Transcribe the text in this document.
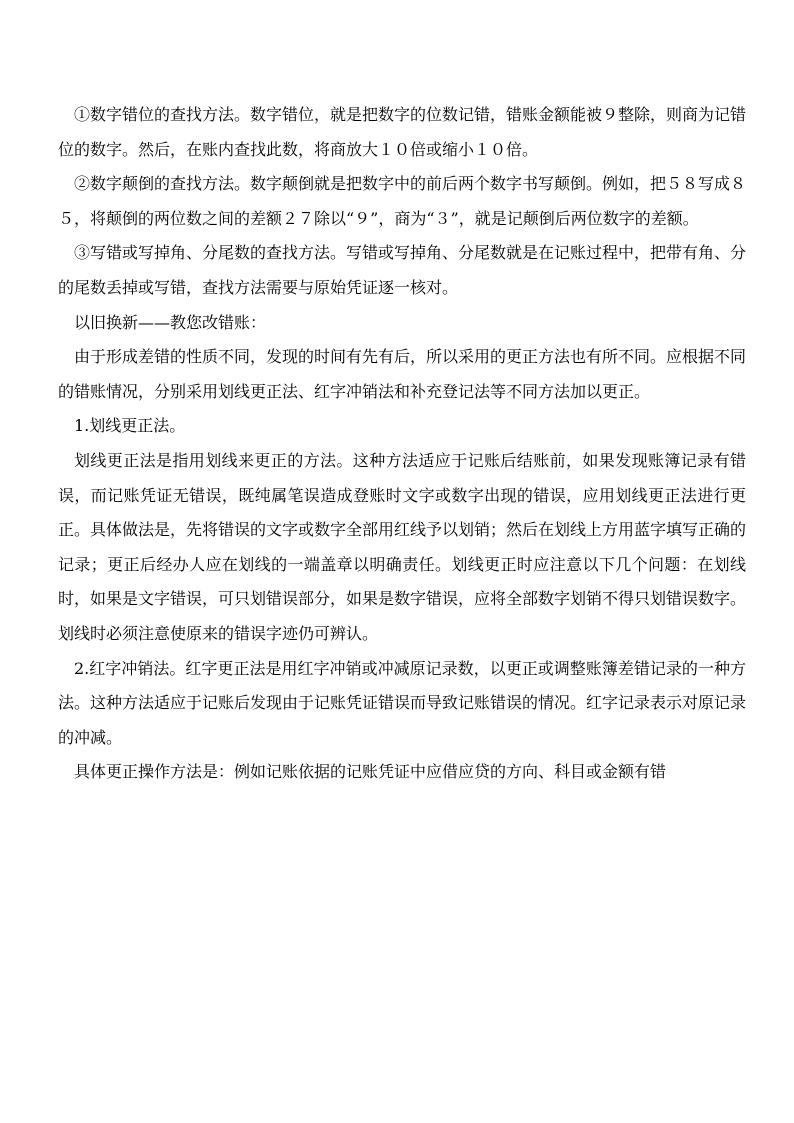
①数字错位的查找方法。数字错位，就是把数字的位数记错，错账金额能被９整除，则商为记错位的数字。然后，在账内查找此数，将商放大１０倍或缩小１０倍。

②数字颠倒的查找方法。数字颠倒就是把数字中的前后两个数字书写颠倒。例如，把５８写成８５，将颠倒的两位数之间的差额２７除以“９”，商为“３”，就是记颠倒后两位数字的差额。

③写错或写掉角、分尾数的查找方法。写错或写掉角、分尾数就是在记账过程中，把带有角、分的尾数丢掉或写错，查找方法需要与原始凭证逐一核对。

以旧换新——教您改错账：

由于形成差错的性质不同，发现的时间有先有后，所以采用的更正方法也有所不同。应根据不同的错账情况，分别采用划线更正法、红字冲销法和补充登记法等不同方法加以更正。

1.划线更正法。

划线更正法是指用划线来更正的方法。这种方法适应于记账后结账前，如果发现账簿记录有错误，而记账凭证无错误，既纯属笔误造成登账时文字或数字出现的错误，应用划线更正法进行更正。具体做法是，先将错误的文字或数字全部用红线予以划销；然后在划线上方用蓝字填写正确的记录；更正后经办人应在划线的一端盖章以明确责任。划线更正时应注意以下几个问题：在划线时，如果是文字错误，可只划错误部分，如果是数字错误，应将全部数字划销不得只划错误数字。划线时必须注意使原来的错误字迹仍可辨认。

2.红字冲销法。红字更正法是用红字冲销或冲减原记录数，以更正或调整账簿差错记录的一种方法。这种方法适应于记账后发现由于记账凭证错误而导致记账错误的情况。红字记录表示对原记录的冲减。

具体更正操作方法是：例如记账依据的记账凭证中应借应贷的方向、科目或金额有错
